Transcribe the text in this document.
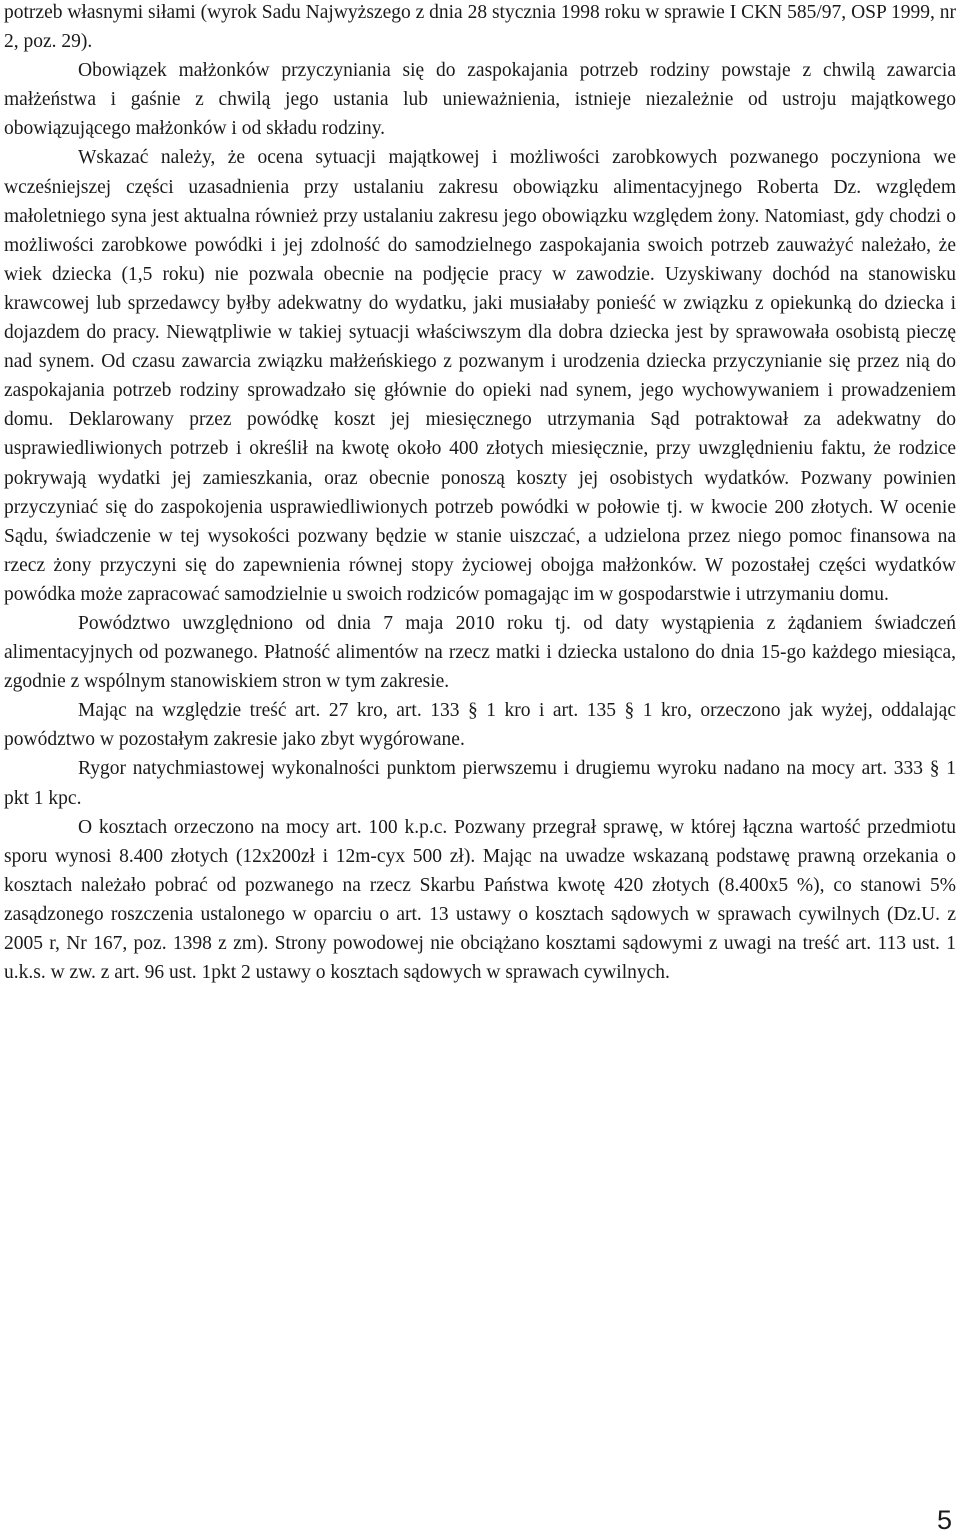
potrzeb własnymi siłami (wyrok Sadu Najwyższego z dnia 28 stycznia 1998 roku w sprawie I CKN 585/97, OSP 1999, nr 2, poz. 29).

Obowiązek małżonków przyczyniania się do zaspokajania potrzeb rodziny powstaje z chwilą zawarcia małżeństwa i gaśnie z chwilą jego ustania lub unieważnienia, istnieje niezależnie od ustroju majątkowego obowiązującego małżonków i od składu rodziny.

Wskazać należy, że ocena sytuacji majątkowej i możliwości zarobkowych pozwanego poczyniona we wcześniejszej części uzasadnienia przy ustalaniu zakresu obowiązku alimentacyjnego Roberta Dz. względem małoletniego syna jest aktualna również przy ustalaniu zakresu jego obowiązku względem żony. Natomiast, gdy chodzi o możliwości zarobkowe powódki i jej zdolność do samodzielnego zaspokajania swoich potrzeb zauważyć należało, że wiek dziecka (1,5 roku) nie pozwala obecnie na podjęcie pracy w zawodzie. Uzyskiwany dochód na stanowisku krawcowej lub sprzedawcy byłby adekwatny do wydatku, jaki musiałaby ponieść w związku z opiekunką do dziecka i dojazdem do pracy. Niewątpliwie w takiej sytuacji właściwszym dla dobra dziecka jest by sprawowała osobistą pieczę nad synem. Od czasu zawarcia związku małżeńskiego z pozwanym i urodzenia dziecka przyczynianie się przez nią do zaspokajania potrzeb rodziny sprowadzało się głównie do opieki nad synem, jego wychowywaniem i prowadzeniem domu. Deklarowany przez powódkę koszt jej miesięcznego utrzymania Sąd potraktował za adekwatny do usprawiedliwionych potrzeb i określił na kwotę około 400 złotych miesięcznie, przy uwzględnieniu faktu, że rodzice pokrywają wydatki jej zamieszkania, oraz obecnie ponoszą koszty jej osobistych wydatków. Pozwany powinien przyczyniać się do zaspokojenia usprawiedliwionych potrzeb powódki w połowie tj. w kwocie 200 złotych. W ocenie Sądu, świadczenie w tej wysokości pozwany będzie w stanie uiszczać, a udzielona przez niego pomoc finansowa na rzecz żony przyczyni się do zapewnienia równej stopy życiowej obojga małżonków. W pozostałej części wydatków powódka może zapracować samodzielnie u swoich rodziców pomagając im w gospodarstwie i utrzymaniu domu.

Powództwo uwzględniono od dnia 7 maja 2010 roku tj. od daty wystąpienia z żądaniem świadczeń alimentacyjnych od pozwanego. Płatność alimentów na rzecz matki i dziecka ustalono do dnia 15-go każdego miesiąca, zgodnie z wspólnym stanowiskiem stron w tym zakresie.

Mając na względzie treść art. 27 kro, art. 133 § 1 kro i art. 135 § 1 kro, orzeczono jak wyżej, oddalając powództwo w pozostałym zakresie jako zbyt wygórowane.

Rygor natychmiastowej wykonalności punktom pierwszemu i drugiemu wyroku nadano na mocy art. 333 § 1 pkt 1 kpc.

O kosztach orzeczono na mocy art. 100 k.p.c. Pozwany przegrał sprawę, w której łączna wartość przedmiotu sporu wynosi 8.400 złotych (12x200zł i 12m-cyx 500 zł). Mając na uwadze wskazaną podstawę prawną orzekania o kosztach należało pobrać od pozwanego na rzecz Skarbu Państwa kwotę 420 złotych (8.400x5 %), co stanowi 5% zasądzonego roszczenia ustalonego w oparciu o art. 13 ustawy o kosztach sądowych w sprawach cywilnych (Dz.U. z 2005 r, Nr 167, poz. 1398 z zm). Strony powodowej nie obciążano kosztami sądowymi z uwagi na treść art. 113 ust. 1 u.k.s. w zw. z art. 96 ust. 1pkt 2 ustawy o kosztach sądowych w sprawach cywilnych.

5
